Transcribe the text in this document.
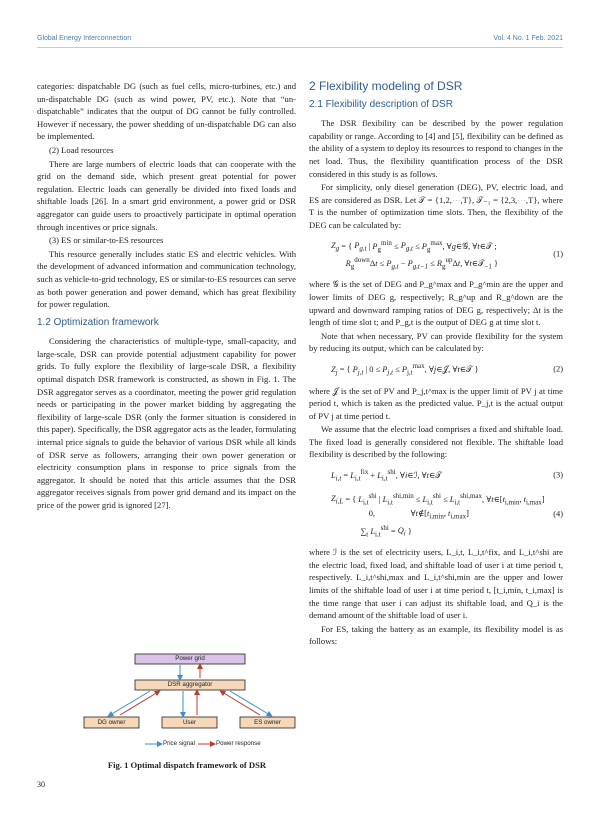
Global Energy Interconnection	Vol. 4 No. 1 Feb. 2021

categories: dispatchable DG (such as fuel cells, micro-turbines, etc.) and un-dispatchable DG (such as wind power, PV, etc.). Note that “un-dispatchable” indicates that the output of DG cannot be fully controlled. However if necessary, the power shedding of un-dispatchable DG can also be implemented.

(2) Load resources

There are large numbers of electric loads that can cooperate with the grid on the demand side, which present great potential for power regulation. Electric loads can generally be divided into fixed loads and shiftable loads [26]. In a smart grid environment, a power grid or DSR aggregator can guide users to proactively participate in optimal operation through incentives or price signals.

(3) ES or similar-to-ES resources

This resource generally includes static ES and electric vehicles. With the development of advanced information and communication technology, such as vehicle-to-grid technology, ES or similar-to-ES resources can serve as both power generation and power demand, which has great flexibility for power regulation.

1.2 Optimization framework

Considering the characteristics of multiple-type, small-capacity, and large-scale, DSR can provide potential adjustment capability for power grids. To fully explore the flexibility of large-scale DSR, a flexibility optimal dispatch DSR framework is constructed, as shown in Fig. 1. The DSR aggregator serves as a coordinator, meeting the power grid regulation needs or participating in the power market bidding by aggregating the flexibility of large-scale DSR (only the former situation is considered in this paper). Specifically, the DSR aggregator acts as the leader, formulating internal price signals to guide the behavior of various DSR while all kinds of DSR serve as followers, arranging their own power generation or electricity consumption plans in response to price signals from the aggregator. It should be noted that this article assumes that the DSR aggregator receives signals from power grid demand and its impact on the price of the power grid is ignored [27].

Power grid
DSR aggregator
DG owner	User	ES owner
Price signal	Power response
Fig. 1 Optimal dispatch framework of DSR
2 Flexibility modeling of DSR
2.1 Flexibility description of DSR

The DSR flexibility can be described by the power regulation capability or range. According to [4] and [5], flexibility can be defined as the ability of a system to deploy its resources to respond to changes in the net load. Thus, the flexibility quantification process of the DSR considered in this study is as follows.

For simplicity, only diesel generation (DEG), PV, electric load, and ES are considered as DSR. Let 𝒯 = {1,2,⋯,T}, 𝒯₋₁ = {2,3,⋯,T}, where T is the number of optimization time slots. Then, the flexibility of the DEG can be calculated by:

$Z_g$ = { $P_{g,t}$ | $P_g^{min} \le P_{g,t} \le P_g^{max}$, ∀g∈𝒢, ∀t∈𝒯 ;
$R_g^{down}\Delta t \le P_{g,t} - P_{g,t-1} \le R_g^{up}\Delta t$, ∀t∈𝒯$_{-1}$ }
(1)

where 𝒢 is the set of DEG and P_g^max and P_g^min are the upper and lower limits of DEG g, respectively; R_g^up and R_g^down are the upward and downward ramping ratios of DEG g, respectively; Δt is the length of time slot t; and P_g,t is the output of DEG g at time slot t.

Note that when necessary, PV can provide flexibility for the system by reducing its output, which can be calculated by:

$Z_j$ = { $P_{j,t}$ | $0 \le P_{j,t} \le P_{j,t}^{max}$, ∀j∈𝒥, ∀t∈𝒯 }	(2)

where 𝒥 is the set of PV and P_j,t^max is the upper limit of PV j at time period t, which is taken as the predicted value. P_j,t is the actual output of PV j at time period t.

We assume that the electric load comprises a fixed and shiftable load. The fixed load is generally considered not flexible. The shiftable load flexibility is described by the following:

$L_{i,t} = L_{i,t}^{fix} + L_{i,t}^{shi}$, ∀i∈ℐ, ∀t∈𝒯	(3)
$Z_{i,L}$ = { $L_{i,t}^{shi}$ | $L_{i,t}^{shi,min} \le L_{i,t}^{shi} \le L_{i,t}^{shi,max}$, $\forall t\in[t_{i,min}$, $t_{i,max}$]
0,                 $\forall t\notin[t_{i,min}$, $t_{i,max}$]
$\sum_t$ $L_{i,t}^{shi} = Q_i$ }
(4)

where ℐ is the set of electricity users, L_i,t, L_i,t^fix, and L_i,t^shi are the electric load, fixed load, and shiftable load of user i at time period t, respectively. L_i,t^shi,max and L_i,t^shi,min are the upper and lower limits of the shiftable load of user i at time period t, [t_i,min, t_i,max] is the time range that user i can adjust its shiftable load, and Q_i is the demand amount of the shiftable load of user i.

For ES, taking the battery as an example, its flexibility model is as follows:

30
